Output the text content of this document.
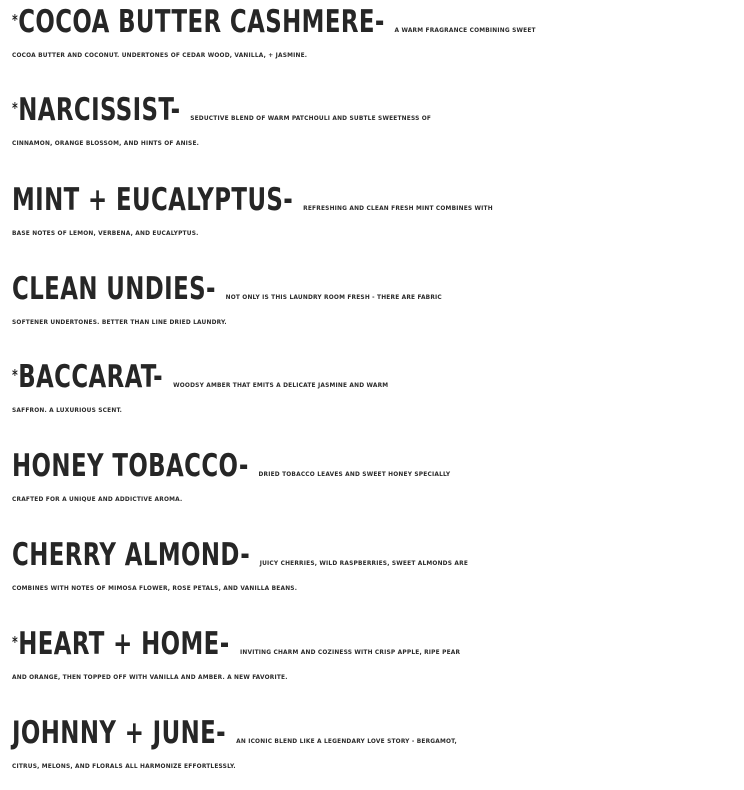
*COCOA BUTTER CASHMERE- A WARM FRAGRANCE COMBINING SWEET
COCOA BUTTER AND COCONUT. UNDERTONES OF CEDAR WOOD, VANILLA, + JASMINE.
*NARCISSIST- SEDUCTIVE BLEND OF WARM PATCHOULI AND SUBTLE SWEETNESS OF
CINNAMON, ORANGE BLOSSOM, AND HINTS OF ANISE.
MINT + EUCALYPTUS- REFRESHING AND CLEAN FRESH MINT COMBINES WITH
BASE NOTES OF LEMON, VERBENA, AND EUCALYPTUS.
CLEAN UNDIES- NOT ONLY IS THIS LAUNDRY ROOM FRESH - THERE ARE FABRIC
SOFTENER UNDERTONES. BETTER THAN LINE DRIED LAUNDRY.
*BACCARAT- WOODSY AMBER THAT EMITS A DELICATE JASMINE AND WARM
SAFFRON. A LUXURIOUS SCENT.
HONEY TOBACCO- DRIED TOBACCO LEAVES AND SWEET HONEY SPECIALLY
CRAFTED FOR A UNIQUE AND ADDICTIVE AROMA.
CHERRY ALMOND- JUICY CHERRIES, WILD RASPBERRIES, SWEET ALMONDS ARE
COMBINES WITH NOTES OF MIMOSA FLOWER, ROSE PETALS, AND VANILLA BEANS.
*HEART + HOME- INVITING CHARM AND COZINESS WITH CRISP APPLE, RIPE PEAR
AND ORANGE, THEN TOPPED OFF WITH VANILLA AND AMBER. A NEW FAVORITE.
JOHNNY + JUNE- AN ICONIC BLEND LIKE A LEGENDARY LOVE STORY - BERGAMOT,
CITRUS, MELONS, AND FLORALS ALL HARMONIZE EFFORTLESSLY.
